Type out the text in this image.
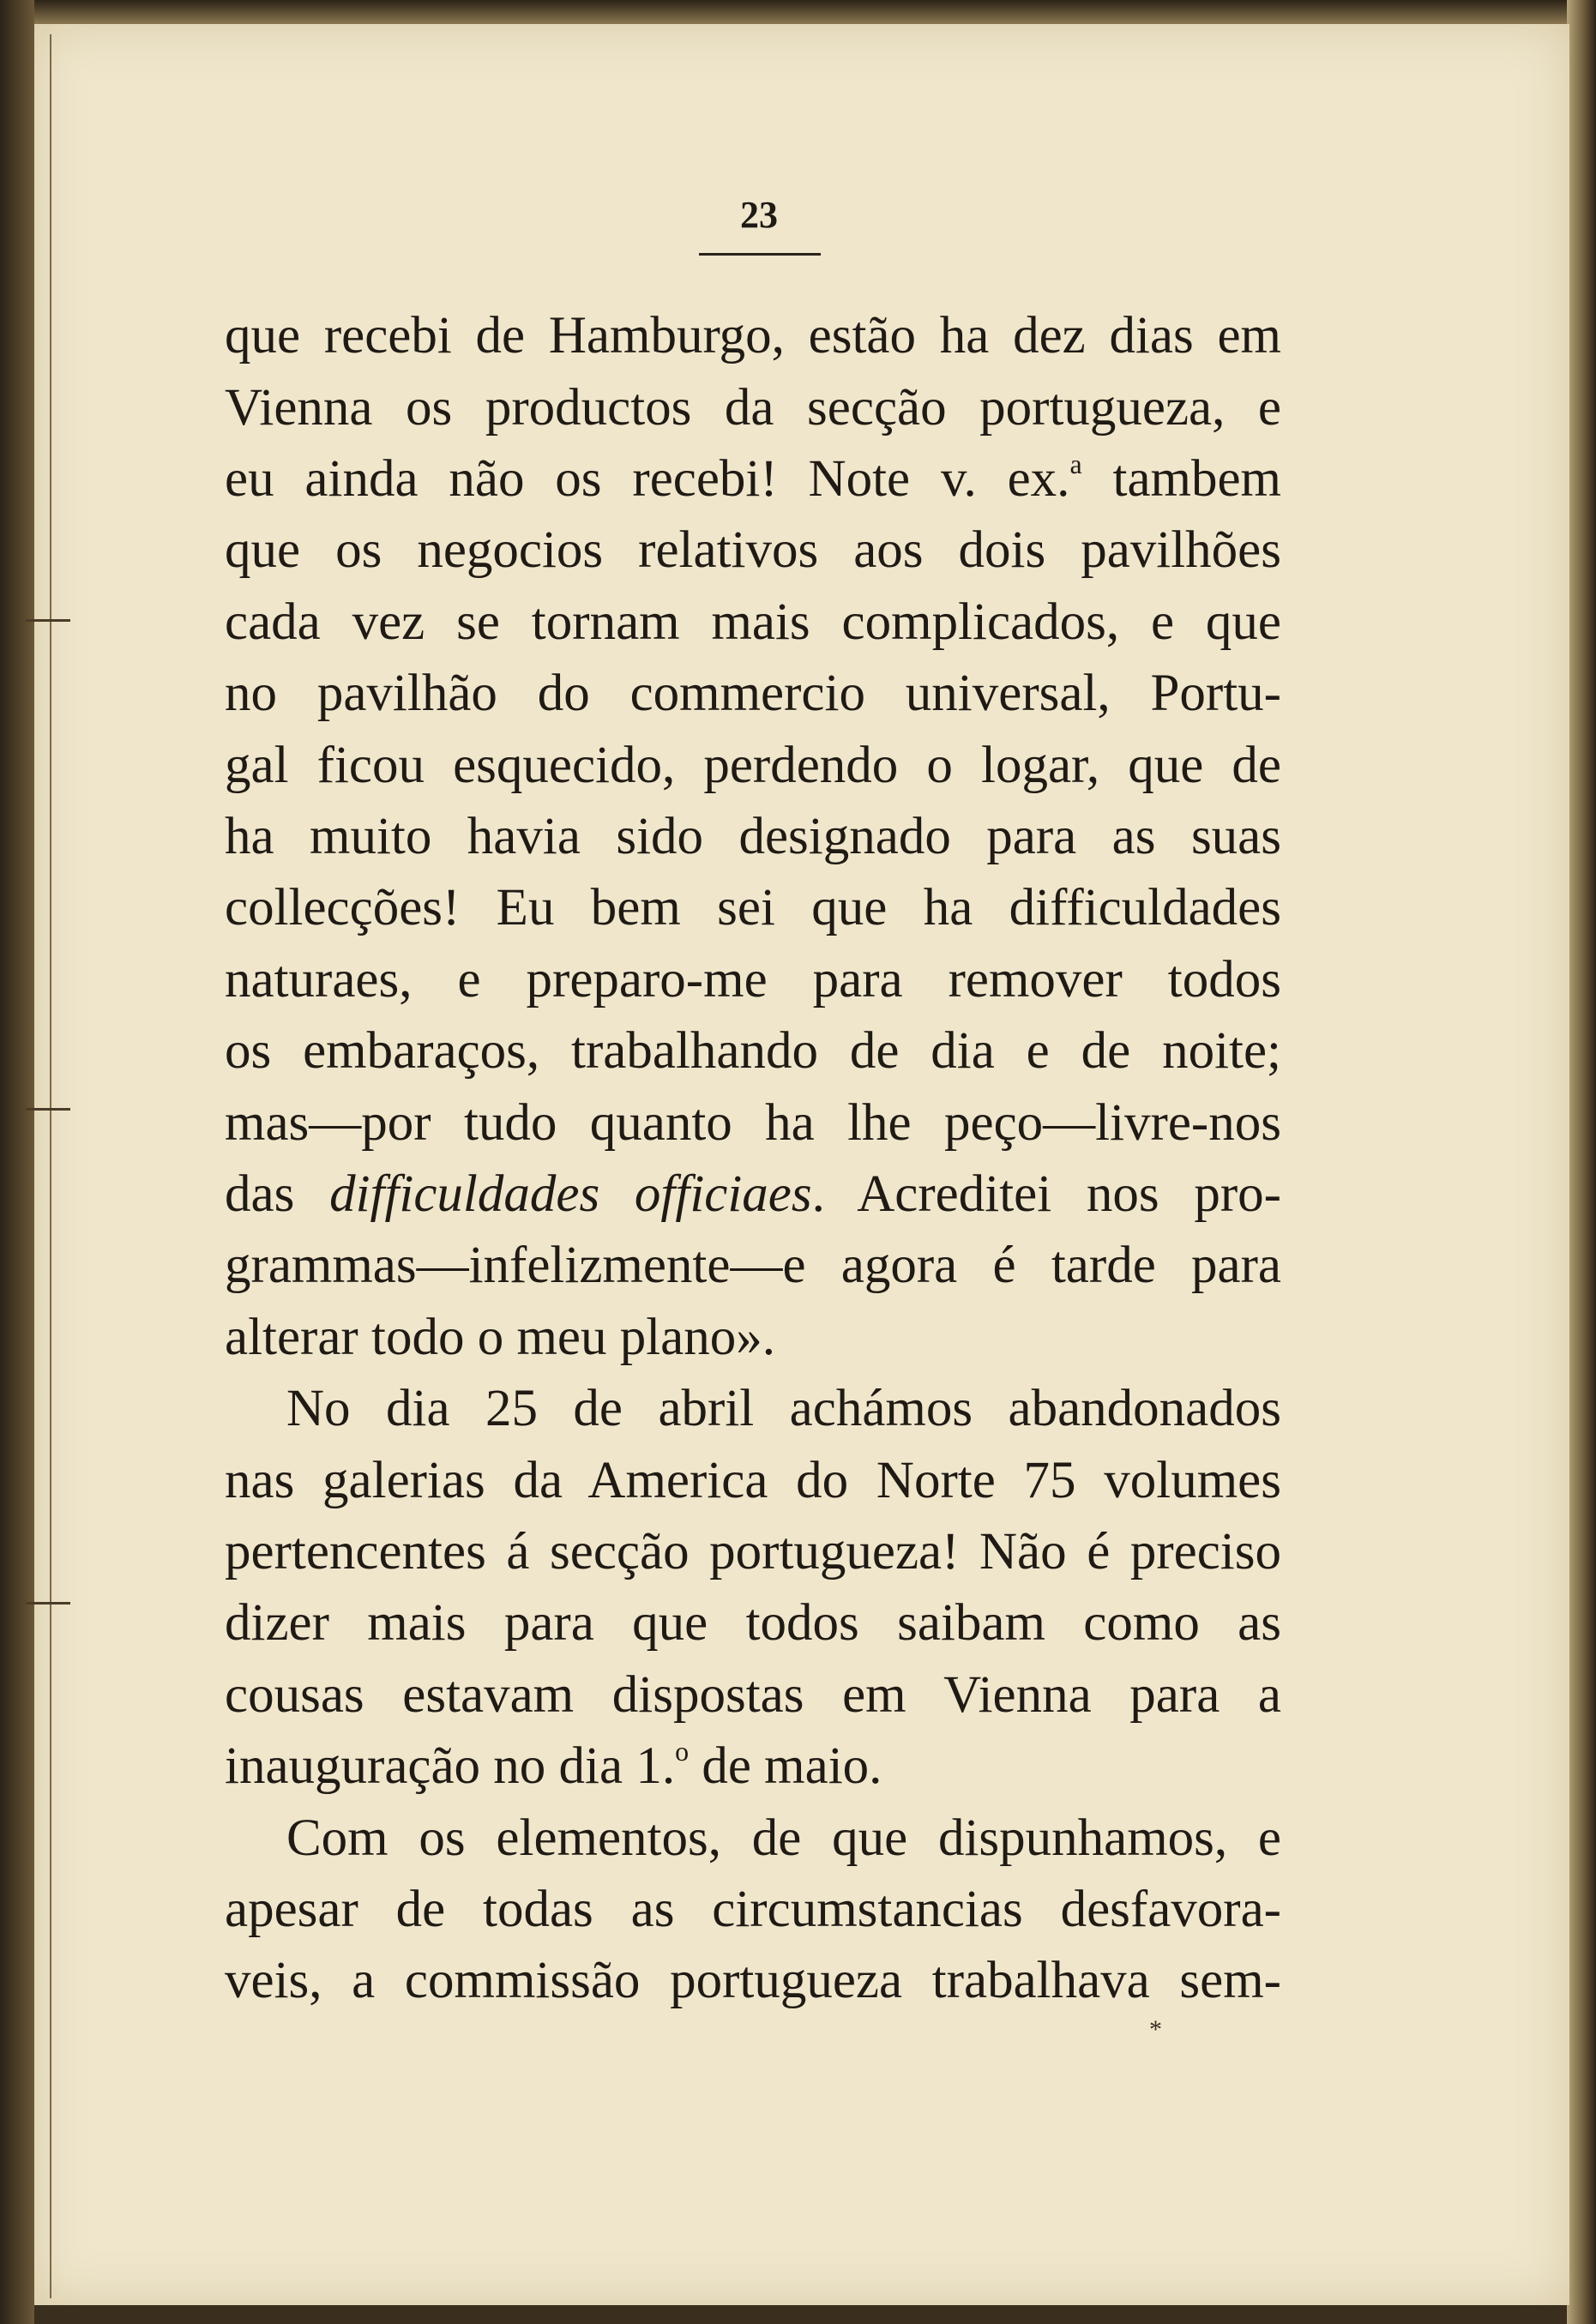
23
que recebi de Hamburgo, estão ha dez dias em
Vienna os productos da secção portugueza, e
eu ainda não os recebi! Note v. ex.$^a$ tambem
que os negocios relativos aos dois pavilhões
cada vez se tornam mais complicados, e que
no pavilhão do commercio universal, Portu-
gal ficou esquecido, perdendo o logar, que de
ha muito havia sido designado para as suas
collecções! Eu bem sei que ha difficuldades
naturaes, e preparo-me para remover todos
os embaraços, trabalhando de dia e de noite;
mas—por tudo quanto ha lhe peço—livre-nos
das difficuldades officiaes. Acreditei nos pro-
grammas—infelizmente—e agora é tarde para
alterar todo o meu plano».
No dia 25 de abril achámos abandonados
nas galerias da America do Norte 75 volumes
pertencentes á secção portugueza! Não é preciso
dizer mais para que todos saibam como as
cousas estavam dispostas em Vienna para a
inauguração no dia 1.$^o$ de maio.
Com os elementos, de que dispunhamos, e
apesar de todas as circumstancias desfavora-
veis, a commissão portugueza trabalhava sem-
*
